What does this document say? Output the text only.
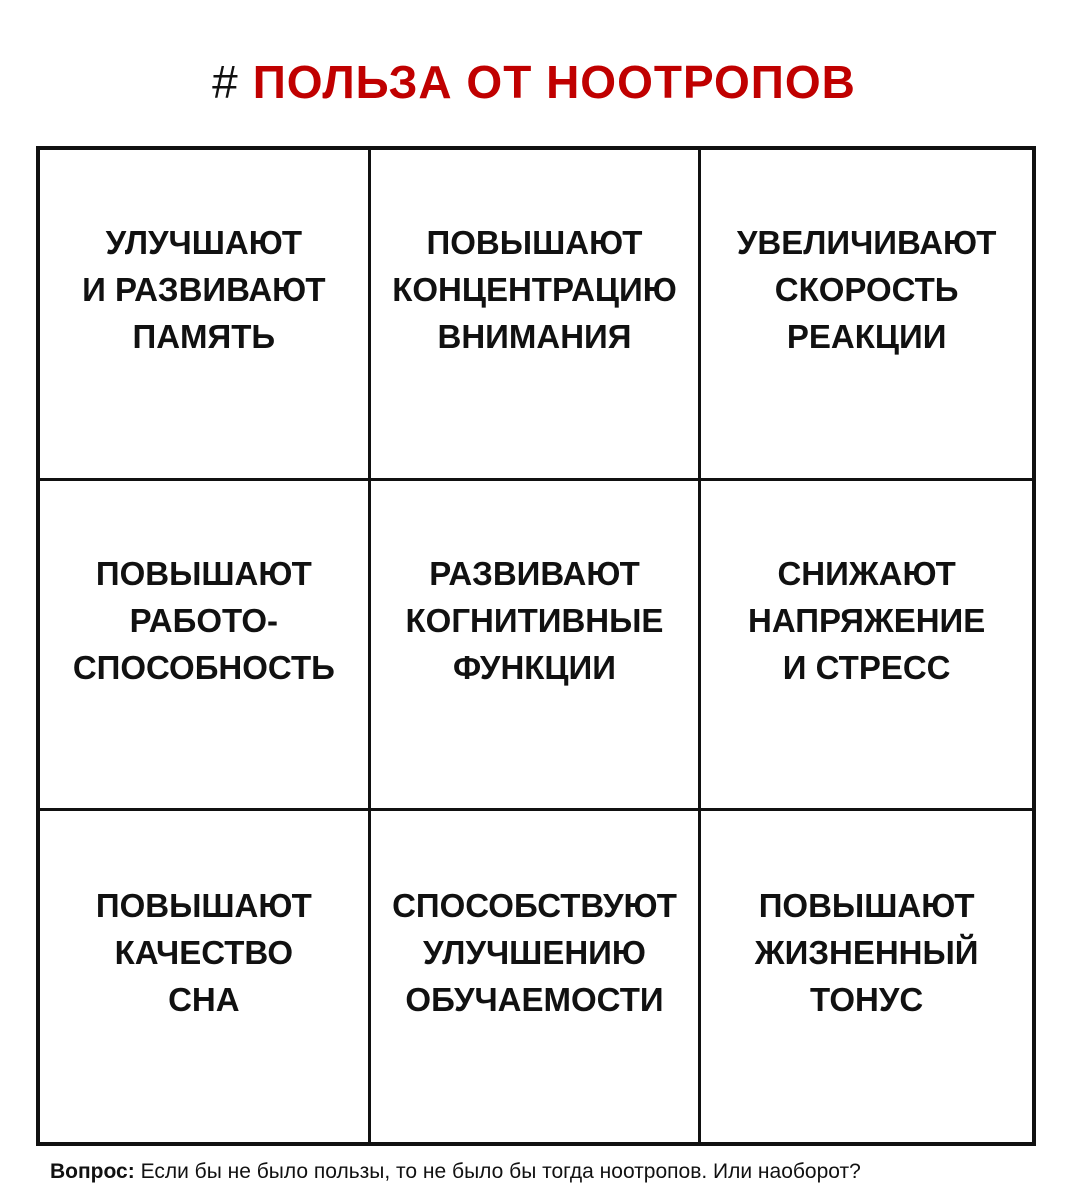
# ПОЛЬЗА ОТ НООТРОПОВ
УЛУЧШАЮТ
И РАЗВИВАЮТ
ПАМЯТЬ
ПОВЫШАЮТ
КОНЦЕНТРАЦИЮ
ВНИМАНИЯ
УВЕЛИЧИВАЮТ
СКОРОСТЬ
РЕАКЦИИ
ПОВЫШАЮТ
РАБОТО-
СПОСОБНОСТЬ
РАЗВИВАЮТ
КОГНИТИВНЫЕ
ФУНКЦИИ
СНИЖАЮТ
НАПРЯЖЕНИЕ
И СТРЕСС
ПОВЫШАЮТ
КАЧЕСТВО
СНА
СПОСОБСТВУЮТ
УЛУЧШЕНИЮ
ОБУЧАЕМОСТИ
ПОВЫШАЮТ
ЖИЗНЕННЫЙ
ТОНУС
Вопрос: Если бы не было пользы, то не было бы тогда ноотропов. Или наоборот?
